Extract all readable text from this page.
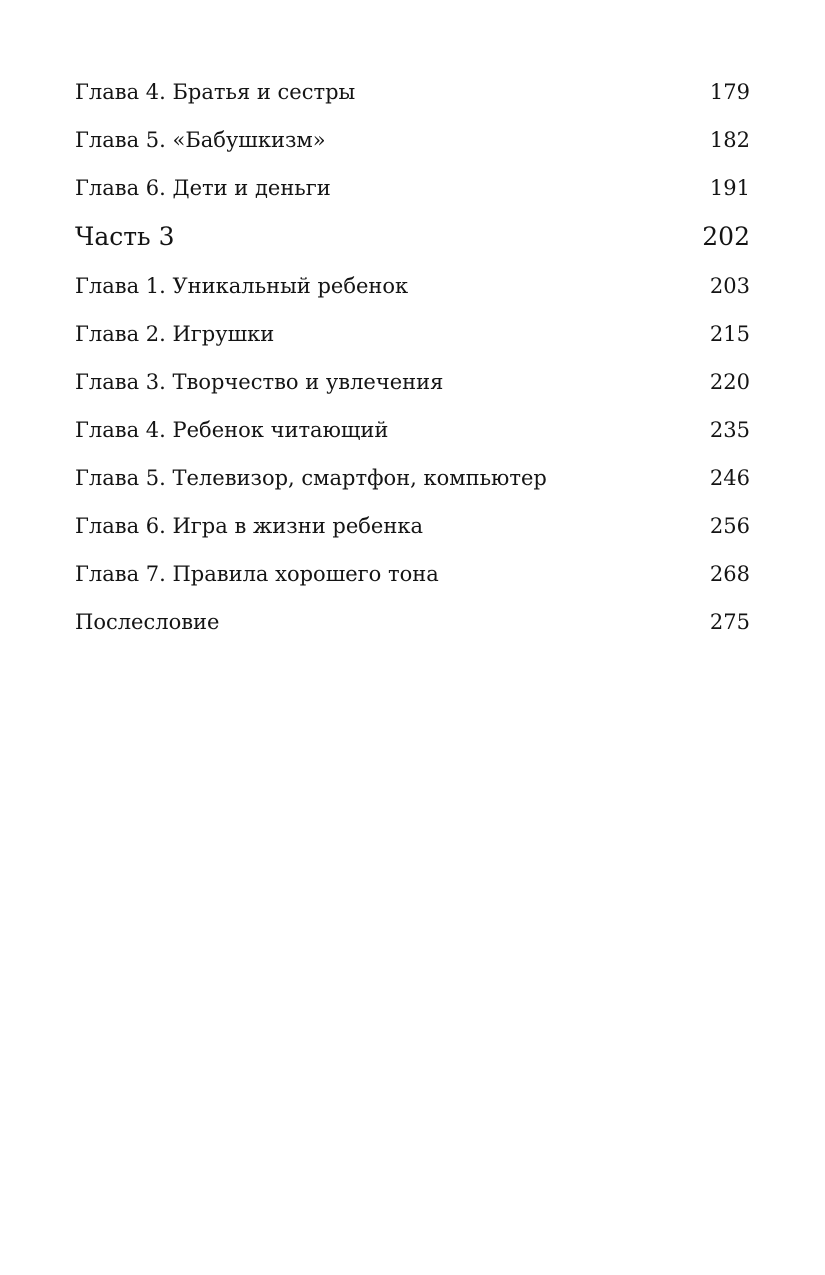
Глава 4. Братья и сестры	179
Глава 5. «Бабушкизм»	182
Глава 6. Дети и деньги	191
Часть 3	202
Глава 1. Уникальный ребенок	203
Глава 2. Игрушки	215
Глава 3. Творчество и увлечения	220
Глава 4. Ребенок читающий	235
Глава 5. Телевизор, смартфон, компьютер	246
Глава 6. Игра в жизни ребенка	256
Глава 7. Правила хорошего тона	268
Послесловие	275
